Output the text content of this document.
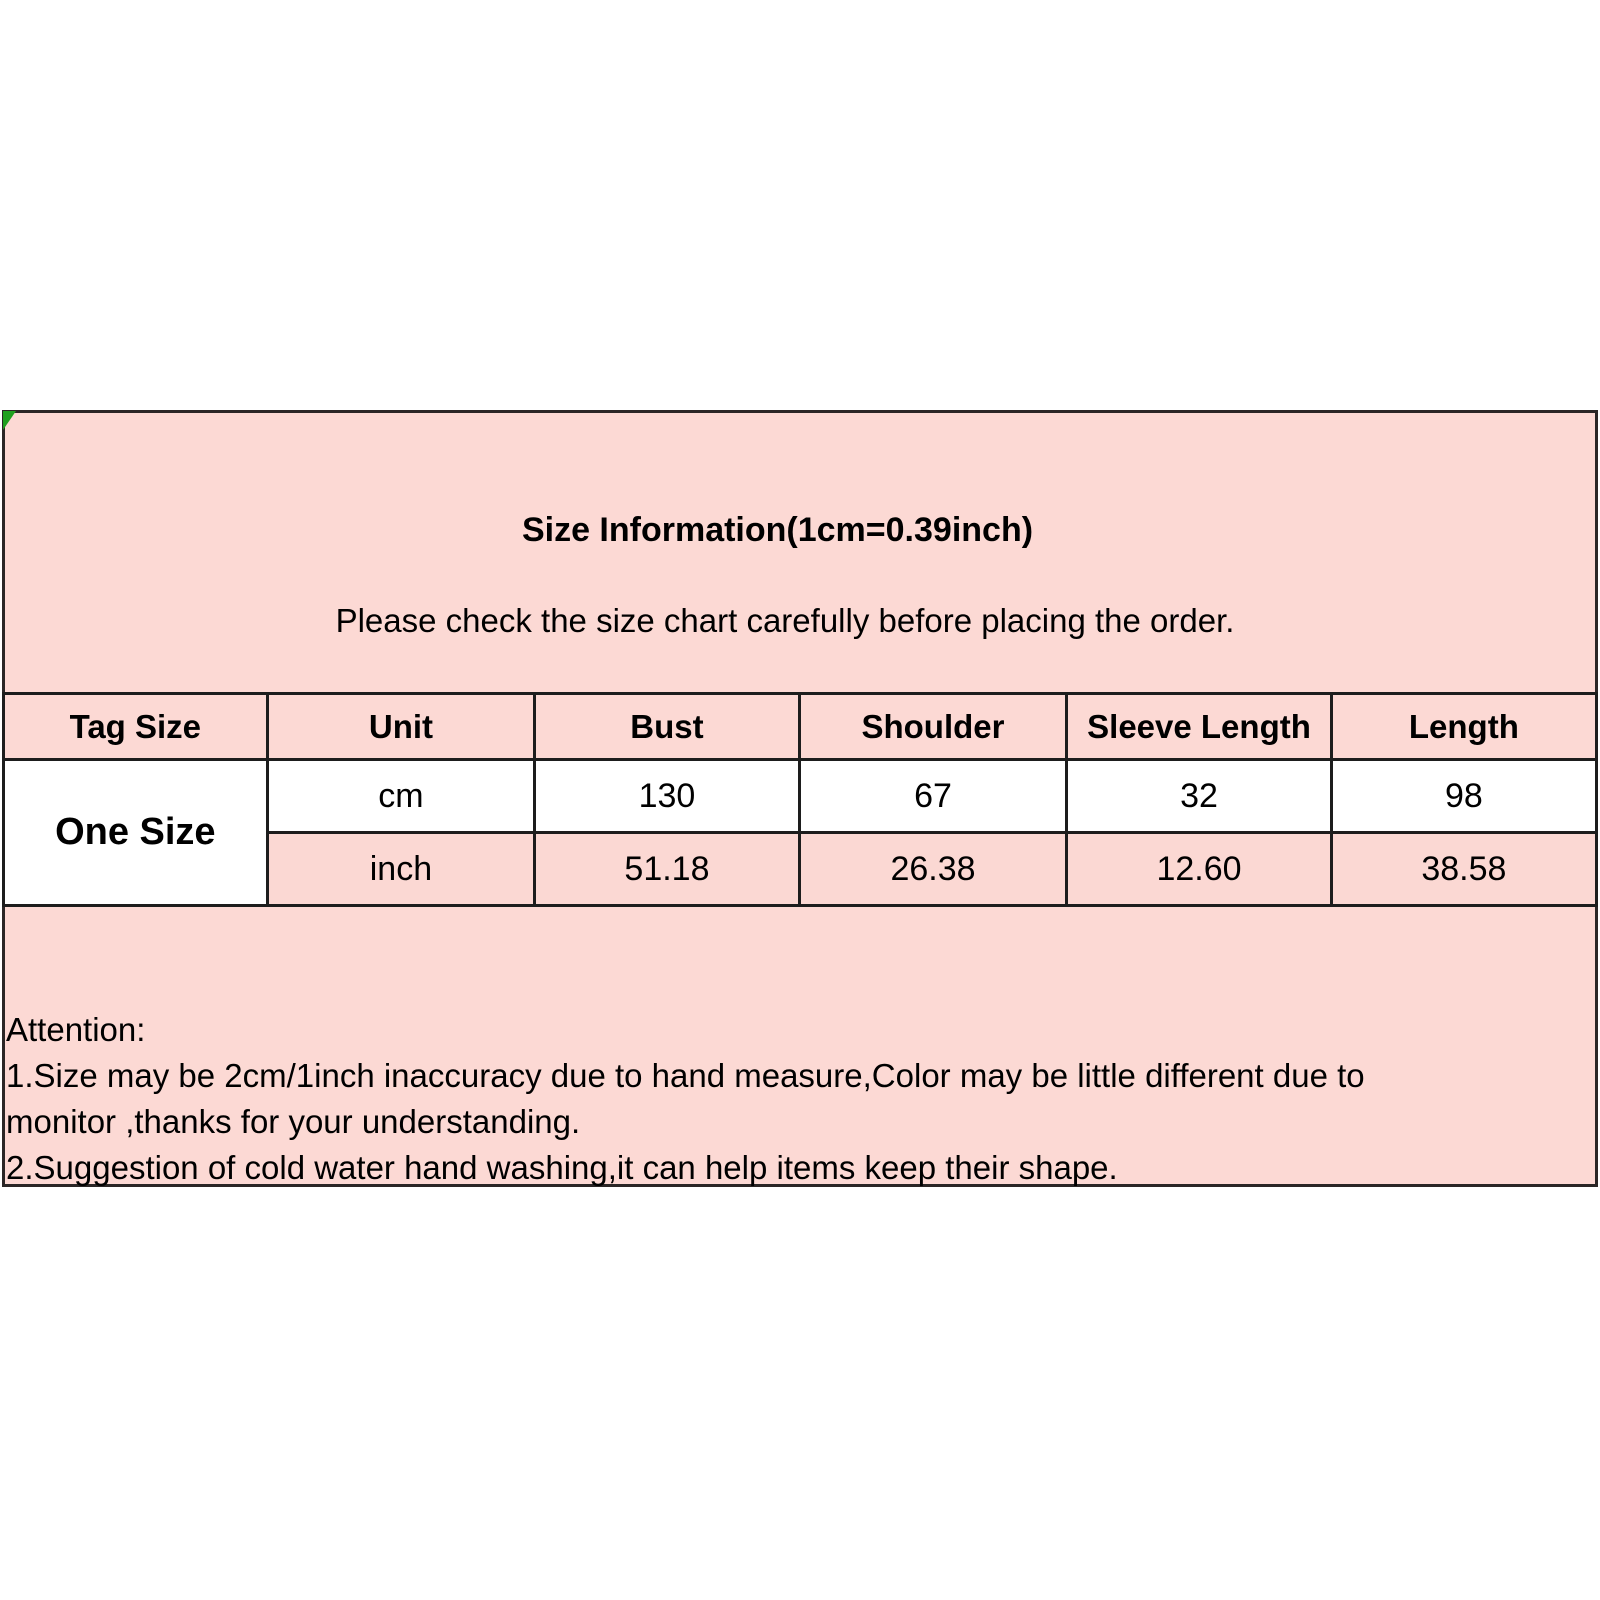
Size Information(1cm=0.39inch)
Please check the size chart carefully before placing the order.
Tag Size	Unit	Bust	Shoulder	Sleeve Length	Length
One Size	cm	130	67	32	98
	inch	51.18	26.38	12.60	38.58
Attention:
1.Size may be 2cm/1inch inaccuracy due to hand measure,Color may be little different due to
monitor ,thanks for your understanding.
2.Suggestion of cold water hand washing,it can help items keep their shape.
